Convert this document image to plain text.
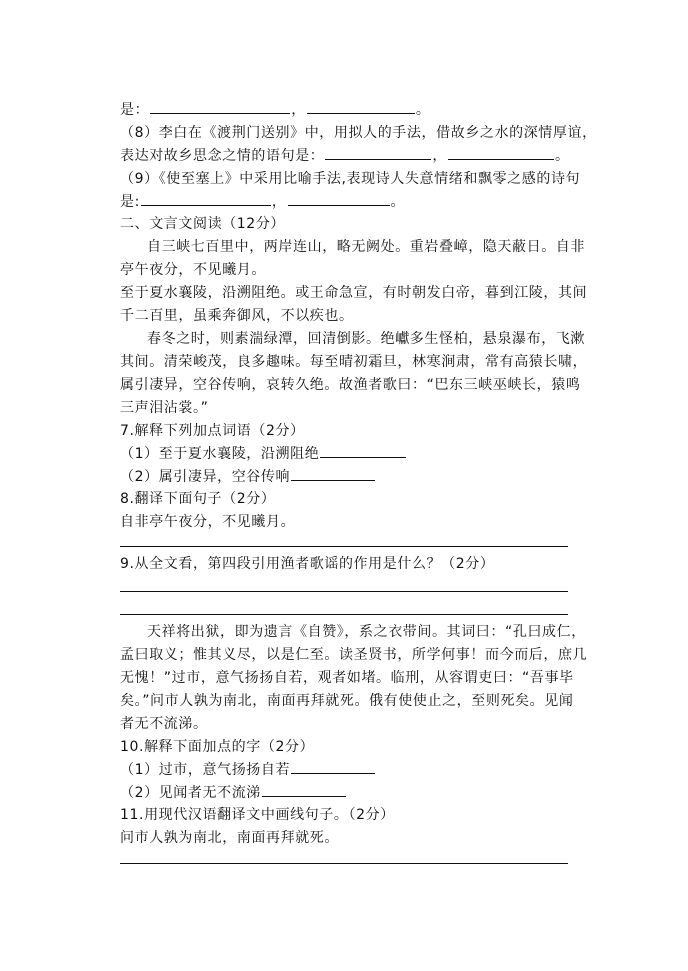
是：	，	。
（8）李白在《渡荆门送别》中，用拟人的手法，借故乡之水的深情厚谊，
表达对故乡思念之情的语句是：	，	。
（9）《使至塞上》中采用比喻手法,表现诗人失意情绪和飘零之感的诗句
是:	，	。
二、文言文阅读（12分）
自三峡七百里中，两岸连山，略无阙处。重岩叠嶂，隐天蔽日。自非
亭午夜分，不见曦月。
至于夏水襄陵，沿溯阻绝。或王命急宣，有时朝发白帝，暮到江陵，其间
千二百里，虽乘奔御风，不以疾也。
春冬之时，则素湍绿潭，回清倒影。绝巘多生怪柏，悬泉瀑布，飞漱
其间。清荣峻茂，良多趣味。每至晴初霜旦，林寒涧肃，常有高猿长啸，
属引凄异，空谷传响，哀转久绝。故渔者歌曰：“巴东三峡巫峡长，猿鸣
三声泪沾裳。”
7.解释下列加点词语（2分）
（1）至于夏水襄陵，沿溯阻绝
（2）属引凄异，空谷传响
8.翻译下面句子（2分）
自非亭午夜分，不见曦月。
9.从全文看，第四段引用渔者歌谣的作用是什么？（2分）
天祥将出狱，即为遗言《自赞》，系之衣带间。其词曰：“孔曰成仁，
孟曰取义；惟其义尽，以是仁至。读圣贤书，所学何事！而今而后，庶几
无愧！”过市，意气扬扬自若，观者如堵。临刑，从容谓吏曰：“吾事毕
矣。”问市人孰为南北，南面再拜就死。俄有使使止之，至则死矣。见闻
者无不流涕。
10.解释下面加点的字（2分）
（1）过市，意气扬扬自若
（2）见闻者无不流涕
11.用现代汉语翻译文中画线句子。（2分）
问市人孰为南北，南面再拜就死。
